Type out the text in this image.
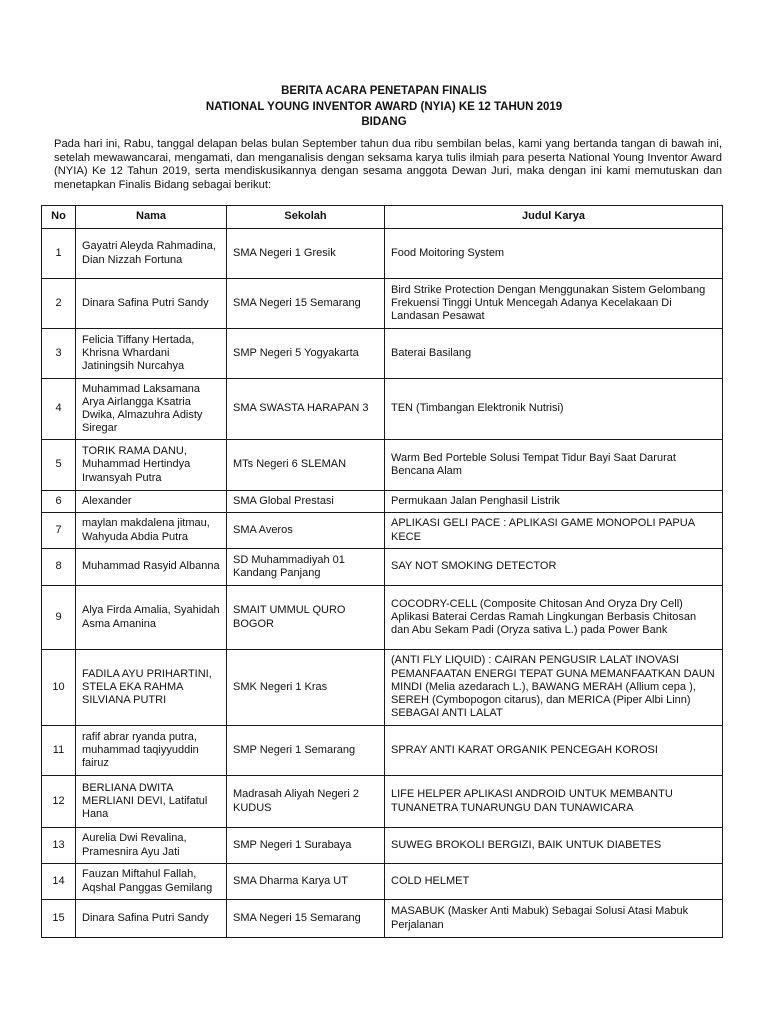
BERITA ACARA PENETAPAN FINALIS
NATIONAL YOUNG INVENTOR AWARD (NYIA) KE 12 TAHUN 2019
BIDANG
Pada hari ini, Rabu, tanggal delapan belas bulan September tahun dua ribu sembilan belas, kami yang bertanda tangan di bawah ini, setelah mewawancarai, mengamati, dan menganalisis dengan seksama karya tulis ilmiah para peserta National Young Inventor Award (NYIA) Ke 12 Tahun 2019, serta mendiskusikannya dengan sesama anggota Dewan Juri, maka dengan ini kami memutuskan dan menetapkan Finalis Bidang sebagai berikut:
No	Nama	Sekolah	Judul Karya
1	Gayatri Aleyda Rahmadina, Dian Nizzah Fortuna	SMA Negeri 1 Gresik	Food Moitoring System
2	Dinara Safina Putri Sandy	SMA Negeri 15 Semarang	Bird Strike Protection Dengan Menggunakan Sistem Gelombang Frekuensi Tinggi Untuk Mencegah Adanya Kecelakaan Di Landasan Pesawat
3	Felicia Tiffany Hertada, Khrisna Whardani Jatiningsih Nurcahya	SMP Negeri 5 Yogyakarta	Baterai Basilang
4	Muhammad Laksamana Arya Airlangga Ksatria Dwika, Almazuhra Adisty Siregar	SMA SWASTA HARAPAN 3	TEN (Timbangan Elektronik Nutrisi)
5	TORIK RAMA DANU, Muhammad Hertindya Irwansyah Putra	MTs Negeri 6 SLEMAN	Warm Bed Porteble Solusi Tempat Tidur Bayi Saat Darurat Bencana Alam
6	Alexander	SMA Global Prestasi	Permukaan Jalan Penghasil Listrik
7	maylan makdalena jitmau, Wahyuda Abdia Putra	SMA Averos	APLIKASI GELI PACE : APLIKASI GAME MONOPOLI PAPUA KECE
8	Muhammad Rasyid Albanna	SD Muhammadiyah 01 Kandang Panjang	SAY NOT SMOKING DETECTOR
9	Alya Firda Amalia, Syahidah Asma Amanina	SMAIT UMMUL QURO BOGOR	COCODRY-CELL (Composite Chitosan And Oryza Dry Cell) Aplikasi Baterai Cerdas Ramah Lingkungan Berbasis Chitosan dan Abu Sekam Padi (Oryza sativa L.) pada Power Bank
10	FADILA AYU PRIHARTINI, STELA EKA RAHMA SILVIANA PUTRI	SMK Negeri 1 Kras	(ANTI FLY LIQUID) : CAIRAN PENGUSIR LALAT INOVASI PEMANFAATAN ENERGI TEPAT GUNA MEMANFAATKAN DAUN MINDI (Melia azedarach L.), BAWANG MERAH (Allium cepa ), SEREH (Cymbopogon citarus), dan MERICA (Piper Albi Linn) SEBAGAI ANTI LALAT
11	rafif abrar ryanda putra, muhammad taqiyyuddin fairuz	SMP Negeri 1 Semarang	SPRAY ANTI KARAT ORGANIK PENCEGAH KOROSI
12	BERLIANA DWITA MERLIANI DEVI, Latifatul Hana	Madrasah Aliyah Negeri 2 KUDUS	LIFE HELPER APLIKASI ANDROID UNTUK MEMBANTU TUNANETRA TUNARUNGU DAN TUNAWICARA
13	Aurelia Dwi Revalina, Pramesnira Ayu Jati	SMP Negeri 1 Surabaya	SUWEG BROKOLI BERGIZI, BAIK UNTUK DIABETES
14	Fauzan Miftahul Fallah, Aqshal Panggas Gemilang	SMA Dharma Karya UT	COLD HELMET
15	Dinara Safina Putri Sandy	SMA Negeri 15 Semarang	MASABUK (Masker Anti Mabuk) Sebagai Solusi Atasi Mabuk Perjalanan
